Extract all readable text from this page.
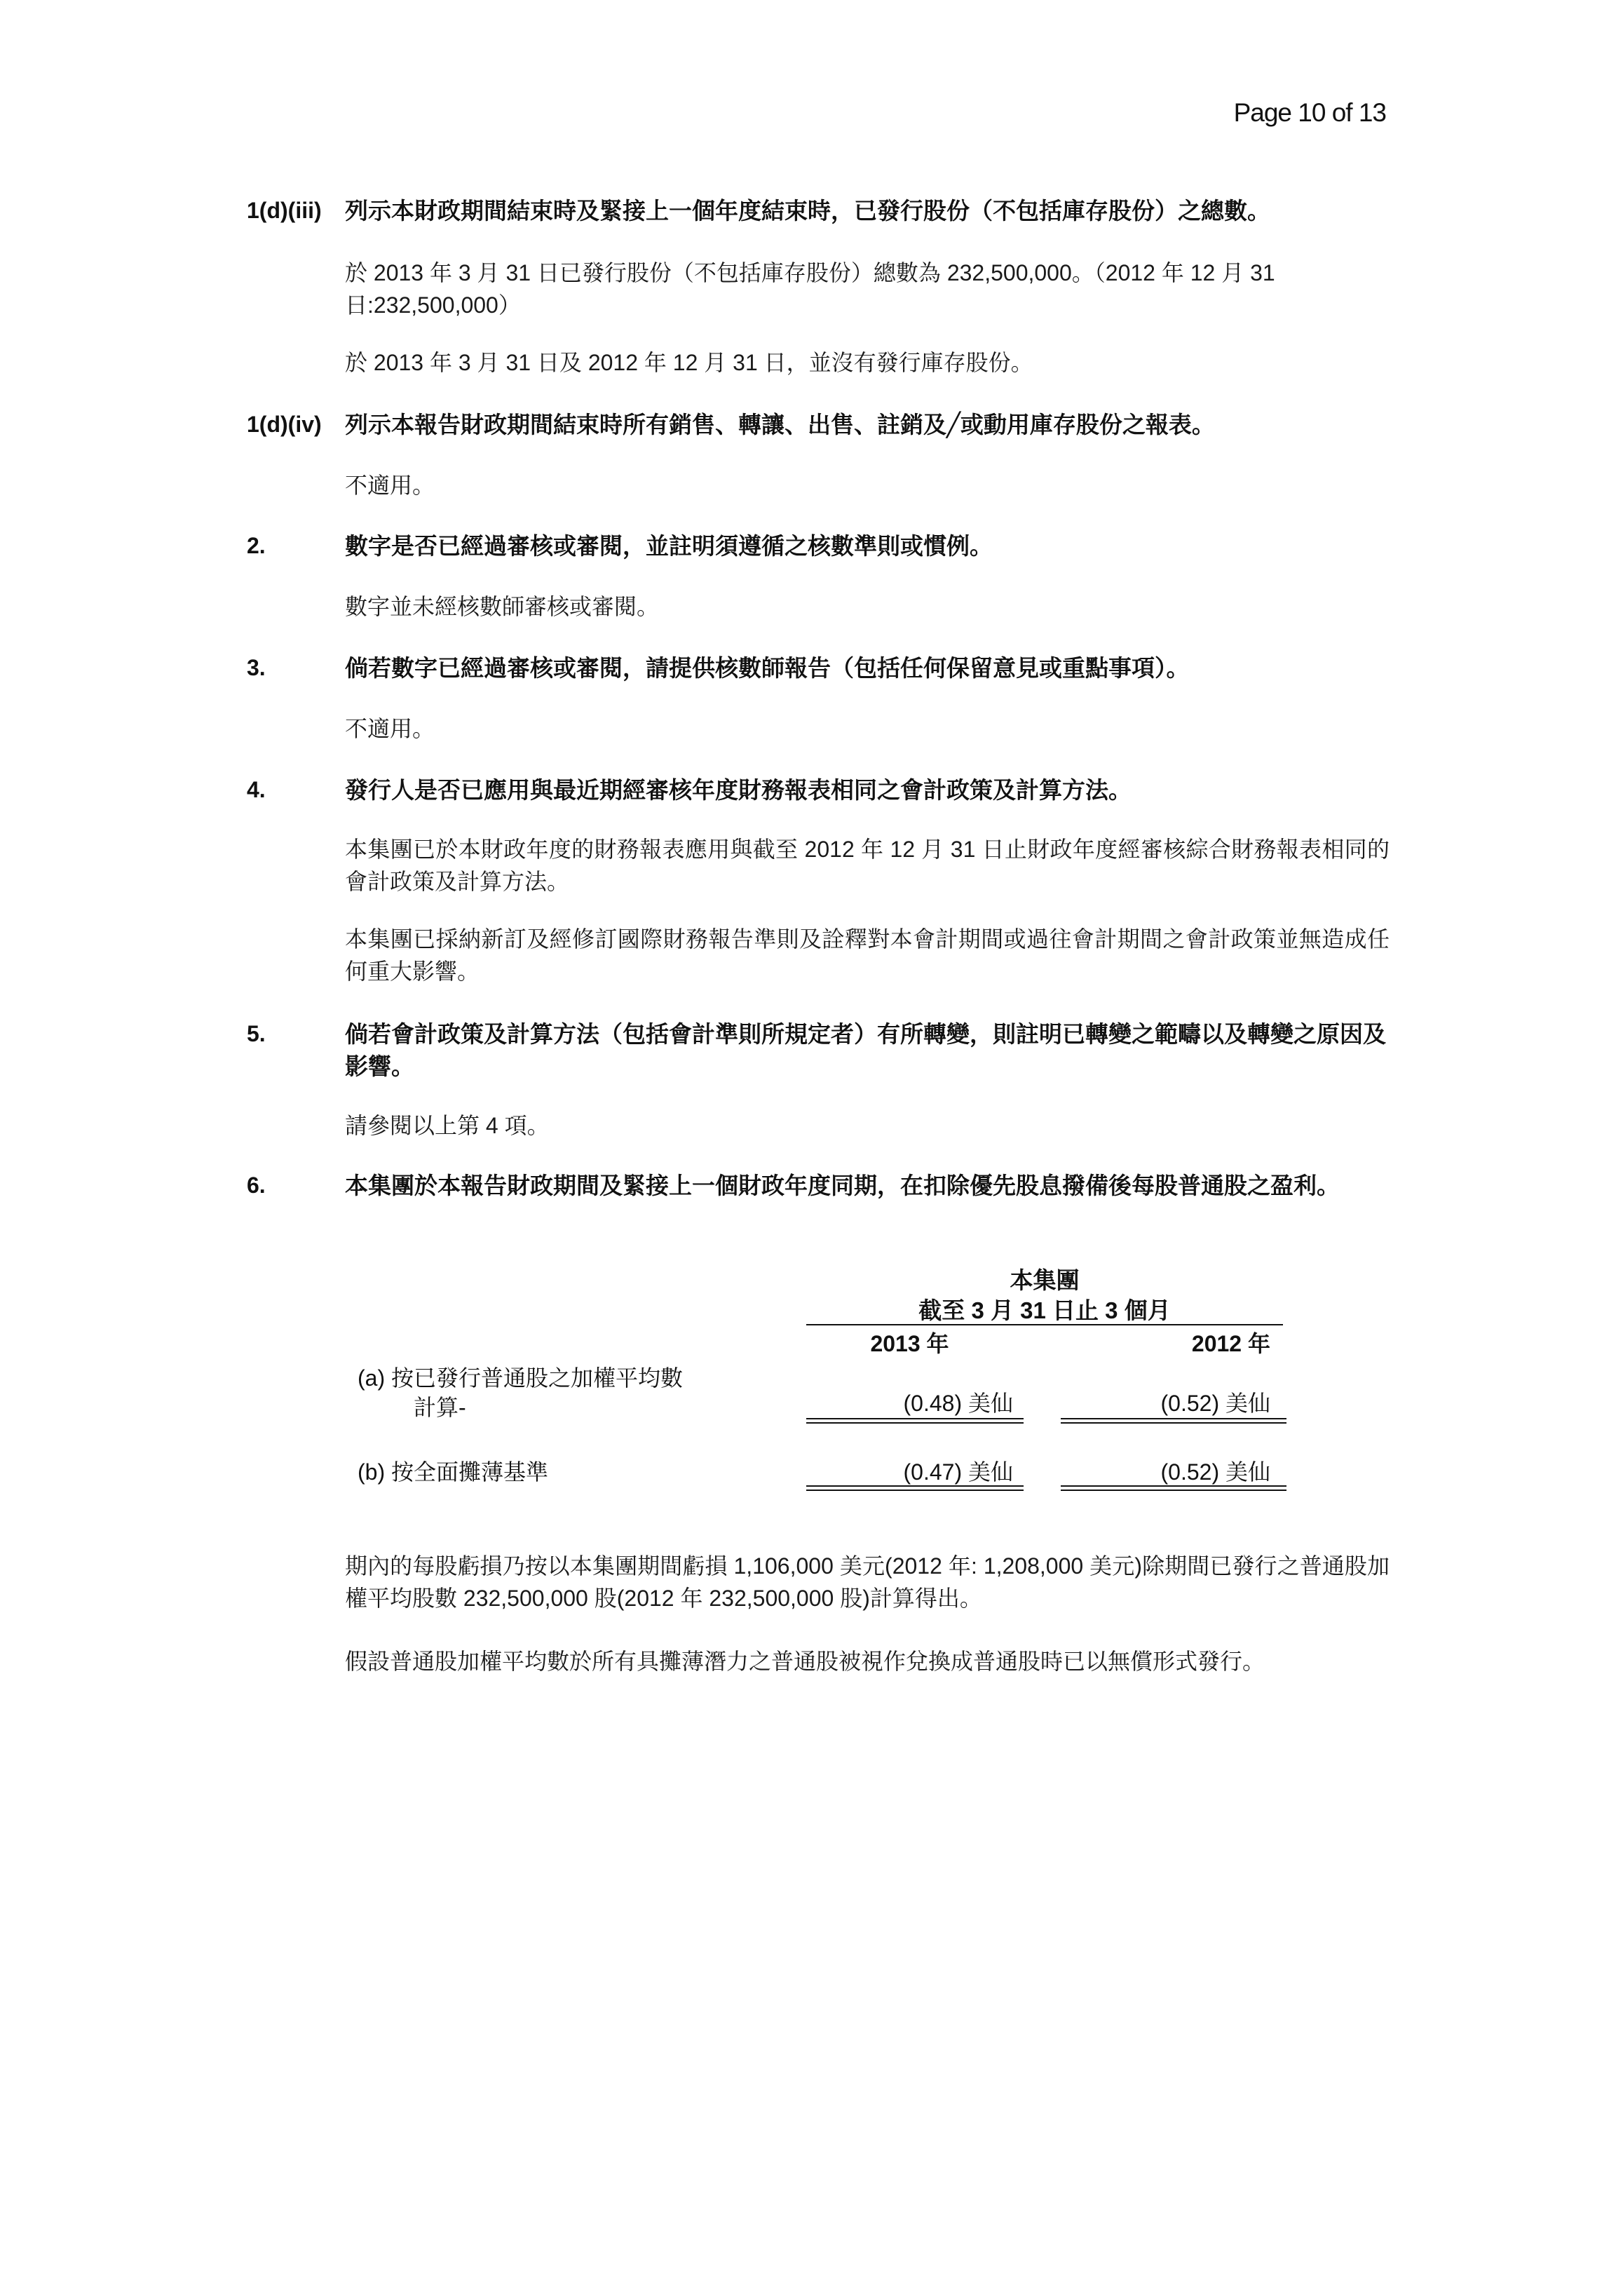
Page 10 of 13
1(d)(iii) 列示本財政期間結束時及緊接上一個年度結束時，已發行股份（不包括庫存股份）之總數。
於 2013 年 3 月 31 日已發行股份（不包括庫存股份）總數為 232,500,000。（2012 年 12 月 31 日:232,500,000）
於 2013 年 3 月 31 日及 2012 年 12 月 31 日，並沒有發行庫存股份。
1(d)(iv) 列示本報告財政期間結束時所有銷售、轉讓、出售、註銷及╱或動用庫存股份之報表。
不適用。
2.	數字是否已經過審核或審閱，並註明須遵循之核數準則或慣例。
數字並未經核數師審核或審閱。
3.	倘若數字已經過審核或審閱，請提供核數師報告（包括任何保留意見或重點事項）。
不適用。
4.	發行人是否已應用與最近期經審核年度財務報表相同之會計政策及計算方法。
本集團已於本財政年度的財務報表應用與截至 2012 年 12 月 31 日止財政年度經審核綜合財務報表相同的會計政策及計算方法。
本集團已採納新訂及經修訂國際財務報告準則及詮釋對本會計期間或過往會計期間之會計政策並無造成任何重大影響。
5.	倘若會計政策及計算方法（包括會計準則所規定者）有所轉變，則註明已轉變之範疇以及轉變之原因及影響。
請參閱以上第 4 項。
6.	本集團於本報告財政期間及緊接上一個財政年度同期，在扣除優先股息撥備後每股普通股之盈利。
本集團
截至 3 月 31 日止 3 個月
2013 年	2012 年
(a) 按已發行普通股之加權平均數
計算-	(0.48) 美仙	(0.52) 美仙
(b) 按全面攤薄基準	(0.47) 美仙	(0.52) 美仙
期內的每股虧損乃按以本集團期間虧損 1,106,000 美元(2012 年: 1,208,000 美元)除期間已發行之普通股加權平均股數 232,500,000 股(2012 年 232,500,000 股)計算得出。
假設普通股加權平均數於所有具攤薄潛力之普通股被視作兌換成普通股時已以無償形式發行。
